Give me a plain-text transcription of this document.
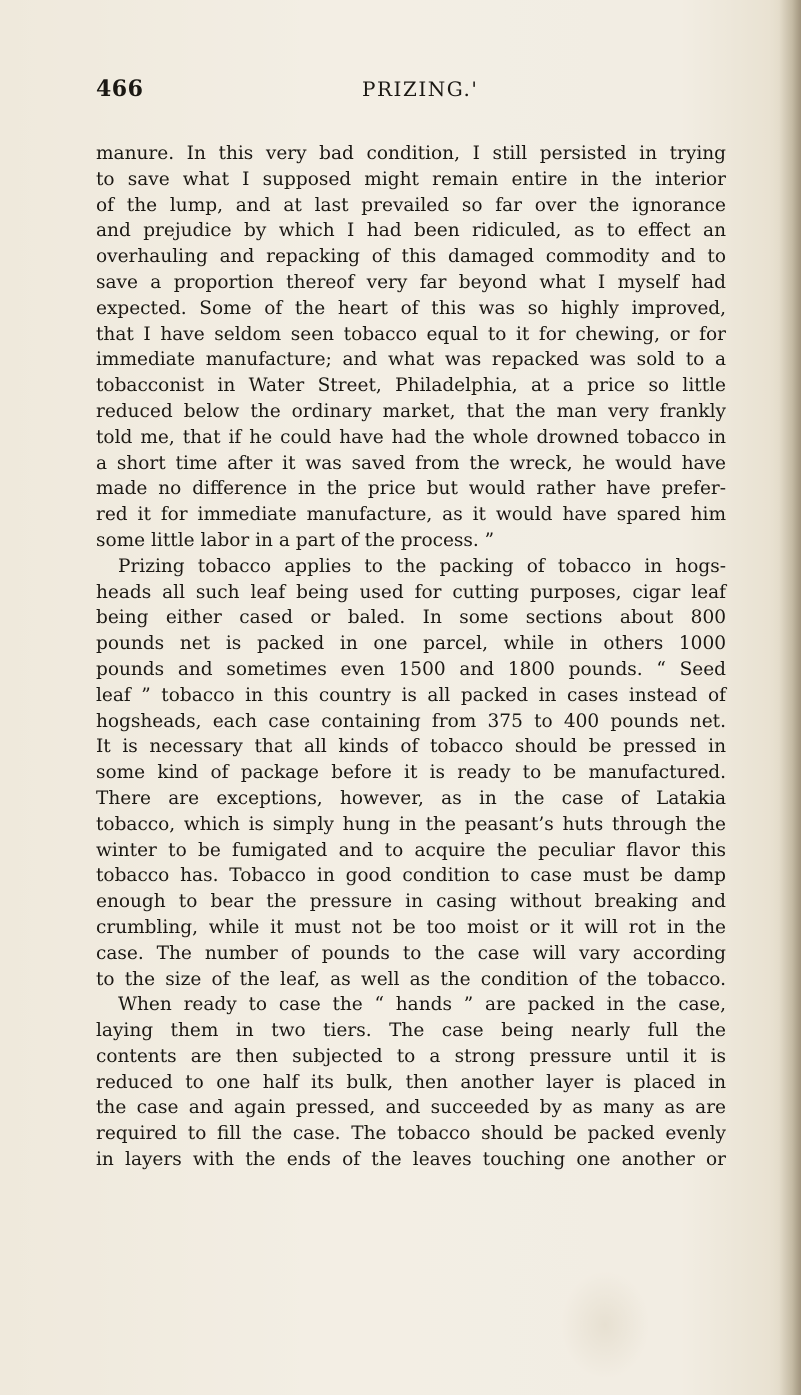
466	PRIZING.'
manure. In this very bad condition, I still persisted in trying
to save what I supposed might remain entire in the interior
of the lump, and at last prevailed so far over the ignorance
and prejudice by which I had been ridiculed, as to effect an
overhauling and repacking of this damaged commodity and to
save a proportion thereof very far beyond what I myself had
expected. Some of the heart of this was so highly improved,
that I have seldom seen tobacco equal to it for chewing, or for
immediate manufacture; and what was repacked was sold to a
tobacconist in Water Street, Philadelphia, at a price so little
reduced below the ordinary market, that the man very frankly
told me, that if he could have had the whole drowned tobacco in
a short time after it was saved from the wreck, he would have
made no difference in the price but would rather have prefer-
red it for immediate manufacture, as it would have spared him
some little labor in a part of the process. ”
Prizing tobacco applies to the packing of tobacco in hogs-
heads all such leaf being used for cutting purposes, cigar leaf
being either cased or baled. In some sections about 800
pounds net is packed in one parcel, while in others 1000
pounds and sometimes even 1500 and 1800 pounds. “ Seed
leaf ” tobacco in this country is all packed in cases instead of
hogsheads, each case containing from 375 to 400 pounds net.
It is necessary that all kinds of tobacco should be pressed in
some kind of package before it is ready to be manufactured.
There are exceptions, however, as in the case of Latakia
tobacco, which is simply hung in the peasant’s huts through the
winter to be fumigated and to acquire the peculiar flavor this
tobacco has. Tobacco in good condition to case must be damp
enough to bear the pressure in casing without breaking and
crumbling, while it must not be too moist or it will rot in the
case. The number of pounds to the case will vary according
to the size of the leaf, as well as the condition of the tobacco.
When ready to case the “ hands ” are packed in the case,
laying them in two tiers. The case being nearly full the
contents are then subjected to a strong pressure until it is
reduced to one half its bulk, then another layer is placed in
the case and again pressed, and succeeded by as many as are
required to fill the case. The tobacco should be packed evenly
in layers with the ends of the leaves touching one another or
